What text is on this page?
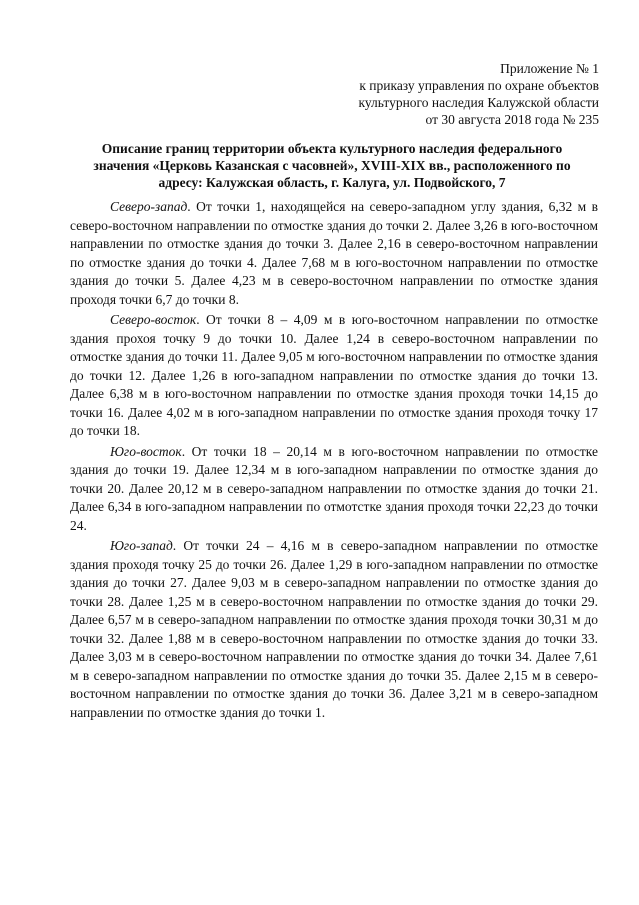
Приложение № 1
к приказу управления по охране объектов
культурного наследия Калужской области
от 30 августа 2018 года № 235
Описание границ территории объекта культурного наследия федерального
значения «Церковь Казанская с часовней», XVIII-XIX вв., расположенного по
адресу: Калужская область, г. Калуга, ул. Подвойского, 7

Северо-запад. От точки 1, находящейся на северо-западном углу здания, 6,32 м в северо-восточном направлении по отмостке здания до точки 2. Далее 3,26 в юго-восточном направлении по отмостке здания до точки 3. Далее 2,16 в северо-восточном направлении по отмостке здания до точки 4. Далее 7,68 м в юго-восточном направлении по отмостке здания до точки 5. Далее 4,23 м в северо-восточном направлении по отмостке здания проходя точки 6,7 до точки 8.

Северо-восток. От точки 8 – 4,09 м в юго-восточном направлении по отмостке здания прохоя точку 9 до точки 10. Далее 1,24 в северо-восточном направлении по отмостке здания до точки 11. Далее 9,05 м юго-восточном направлении по отмостке здания до точки 12. Далее 1,26 в юго-западном направлении по отмостке здания до точки 13. Далее 6,38 м в юго-восточном направлении по отмостке здания проходя точки 14,15 до точки 16. Далее 4,02 м в юго-западном направлении по отмостке здания проходя точку 17 до точки 18.

Юго-восток. От точки 18 – 20,14 м в юго-восточном направлении по отмостке здания до точки 19. Далее 12,34 м в юго-западном направлении по отмостке здания до точки 20. Далее 20,12 м в северо-западном направлении по отмостке здания до точки 21. Далее 6,34 в юго-западном направлении по отмотстке здания проходя точки 22,23 до точки 24.

Юго-запад. От точки 24 – 4,16 м в северо-западном направлении по отмостке здания проходя точку 25 до точки 26. Далее 1,29 в юго-западном направлении по отмостке здания до точки 27. Далее 9,03 м в северо-западном направлении по отмостке здания до точки 28. Далее 1,25 м в северо-восточном направлении по отмостке здания до точки 29. Далее 6,57 м в северо-западном направлении по отмостке здания проходя точки 30,31 м до точки 32. Далее 1,88 м в северо-восточном направлении по отмостке здания до точки 33. Далее 3,03 м в северо-восточном направлении по отмостке здания до точки 34. Далее 7,61 м в северо-западном направлении по отмостке здания до точки 35. Далее 2,15 м в северо-восточном направлении по отмостке здания до точки 36. Далее 3,21 м в северо-западном направлении по отмостке здания до точки 1.
